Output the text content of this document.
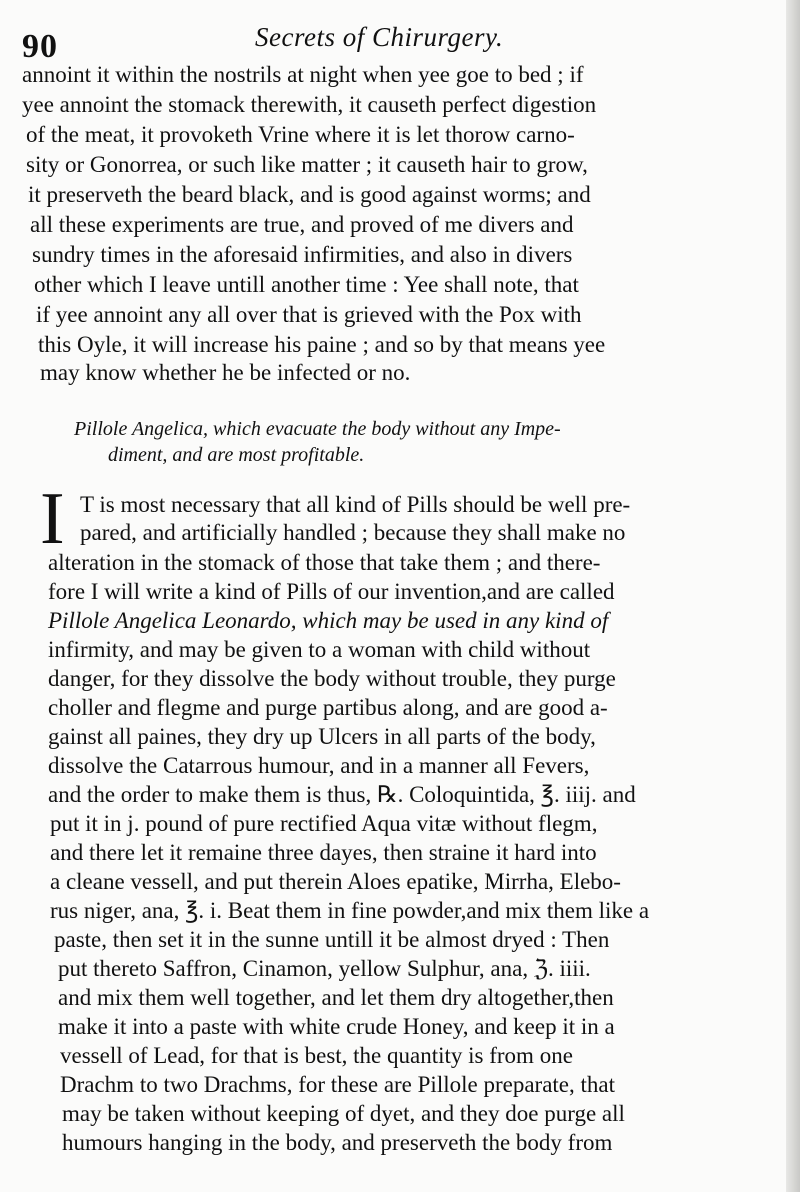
90	Secrets of Chirurgery.
annoint it within the nostrils at night when yee goe to bed ; if
yee annoint the stomack therewith, it causeth perfect digestion
of the meat, it provoketh Vrine where it is let thorow carno-
sity or Gonorrea, or such like matter ; it causeth hair to grow,
it preserveth the beard black, and is good against worms; and
all these experiments are true, and proved of me divers and
sundry times in the aforesaid infirmities, and also in divers
other which I leave untill another time : Yee shall note, that
if yee annoint any all over that is grieved with the Pox with
this Oyle, it will increase his paine ; and so by that means yee
may know whether he be infected or no.
Pillole Angelica, which evacuate the body without any Impe-
diment, and are most profitable.
I T is most necessary that all kind of Pills should be well pre-
pared, and artificially handled ; because they shall make no
alteration in the stomack of those that take them ; and there-
fore I will write a kind of Pills of our invention,and are called
Pillole Angelica Leonardo, which may be used in any kind of
infirmity, and may be given to a woman with child without
danger, for they dissolve the body without trouble, they purge
choller and flegme and purge partibus along, and are good a-
gainst all paines, they dry up Ulcers in all parts of the body,
dissolve the Catarrous humour, and in a manner all Fevers,
and the order to make them is thus, ℞. Coloquintida, ℥. iiij. and
put it in j. pound of pure rectified Aqua vitæ without flegm,
and there let it remaine three dayes, then straine it hard into
a cleane vessell, and put therein Aloes epatike, Mirrha, Elebo-
rus niger, ana, ℥. i. Beat them in fine powder,and mix them like a
paste, then set it in the sunne untill it be almost dryed : Then
put thereto Saffron, Cinamon, yellow Sulphur, ana, ℨ. iiii.
and mix them well together, and let them dry altogether,then
make it into a paste with white crude Honey, and keep it in a
vessell of Lead, for that is best, the quantity is from one
Drachm to two Drachms, for these are Pillole preparate, that
may be taken without keeping of dyet, and they doe purge all
humours hanging in the body, and preserveth the body from
